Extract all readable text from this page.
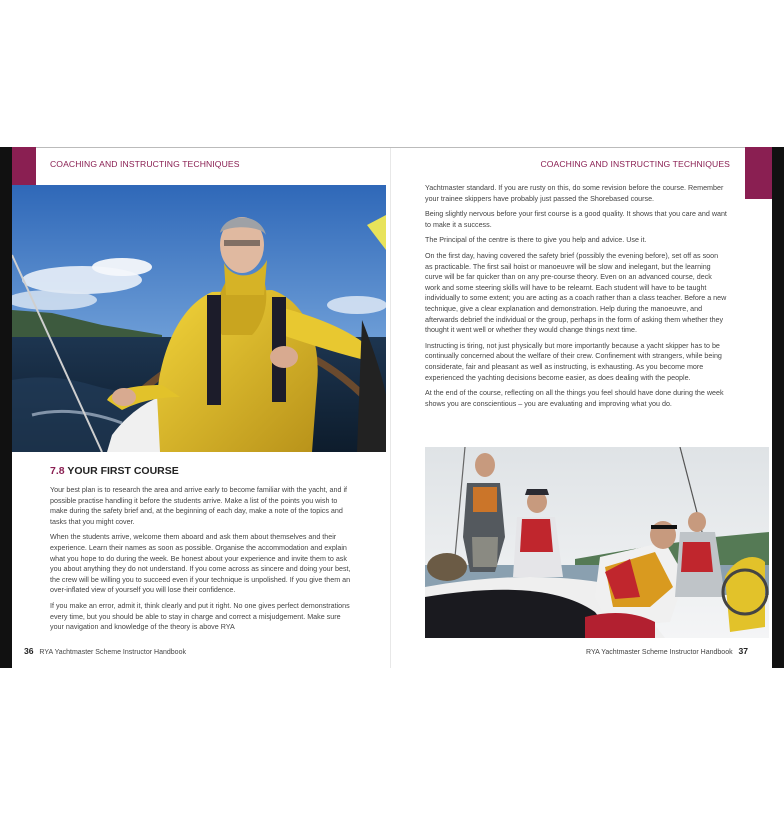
COACHING AND INSTRUCTING TECHNIQUES	COACHING AND INSTRUCTING TECHNIQUES
7.8 YOUR FIRST COURSE

Your best plan is to research the area and arrive early to become familiar with the yacht, and if possible practise handling it before the students arrive. Make a list of the points you wish to make during the safety brief and, at the beginning of each day, make a note of the topics and tasks that you might cover.

When the students arrive, welcome them aboard and ask them about themselves and their experience. Learn their names as soon as possible. Organise the accommodation and explain what you hope to do during the week. Be honest about your experience and invite them to ask you about anything they do not understand. If you come across as sincere and doing your best, the crew will be willing you to succeed even if your technique is unpolished. If you give them an over-inflated view of yourself you will lose their confidence.

If you make an error, admit it, think clearly and put it right. No one gives perfect demonstrations every time, but you should be able to stay in charge and correct a misjudgement. Make sure your navigation and knowledge of the theory is above RYA

Yachtmaster standard. If you are rusty on this, do some revision before the course. Remember your trainee skippers have probably just passed the Shorebased course.

Being slightly nervous before your first course is a good quality. It shows that you care and want to make it a success.

The Principal of the centre is there to give you help and advice. Use it.

On the first day, having covered the safety brief (possibly the evening before), set off as soon as practicable. The first sail hoist or manoeuvre will be slow and inelegant, but the learning curve will be far quicker than on any pre-course theory. Even on an advanced course, deck work and some steering skills will have to be relearnt. Each student will have to be taught individually to some extent; you are acting as a coach rather than a class teacher. Before a new technique, give a clear explanation and demonstration. Help during the manoeuvre, and afterwards debrief the individual or the group, perhaps in the form of asking them whether they thought it went well or whether they would change things next time.

Instructing is tiring, not just physically but more importantly because a yacht skipper has to be continually concerned about the welfare of their crew. Confinement with strangers, while being considerate, fair and pleasant as well as instructing, is exhausting. As you become more experienced the yachting decisions become easier, as does dealing with the people.

At the end of the course, reflecting on all the things you feel should have done during the week shows you are conscientious – you are evaluating and improving what you do.

36 RYA Yachtmaster Scheme Instructor Handbook	RYA Yachtmaster Scheme Instructor Handbook 37
